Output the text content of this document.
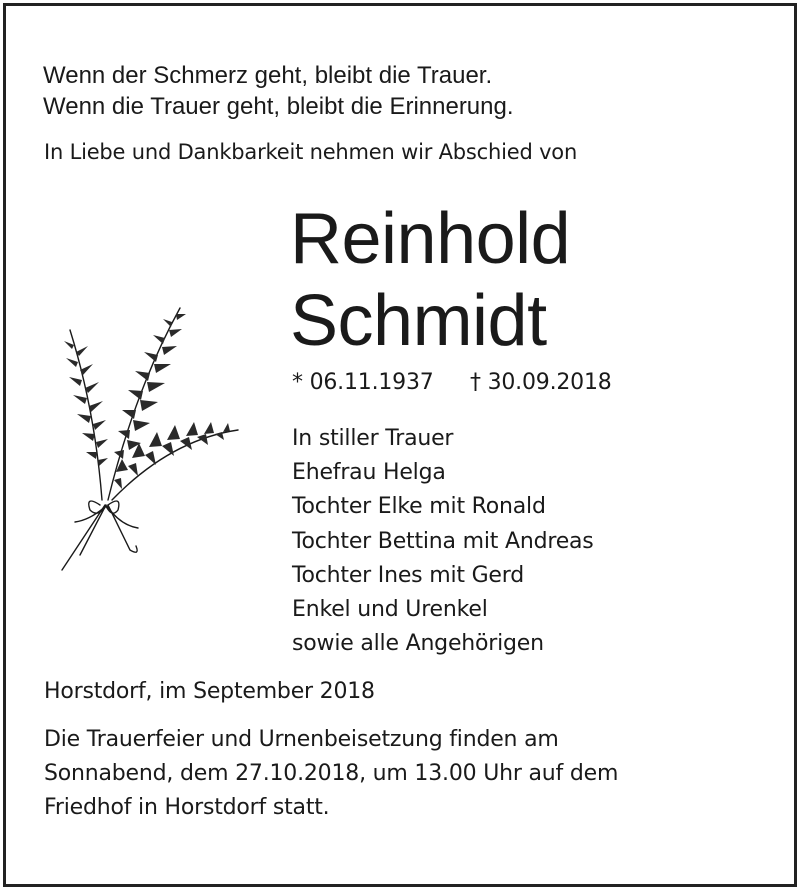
Wenn der Schmerz geht, bleibt die Trauer.
Wenn die Trauer geht, bleibt die Erinnerung.
In Liebe und Dankbarkeit nehmen wir Abschied von
Reinhold
Schmidt
* 06.11.1937 † 30.09.2018
In stiller Trauer
Ehefrau Helga
Tochter Elke mit Ronald
Tochter Bettina mit Andreas
Tochter Ines mit Gerd
Enkel und Urenkel
sowie alle Angehörigen
Horstdorf, im September 2018
Die Trauerfeier und Urnenbeisetzung finden am
Sonnabend, dem 27.10.2018, um 13.00 Uhr auf dem
Friedhof in Horstdorf statt.
